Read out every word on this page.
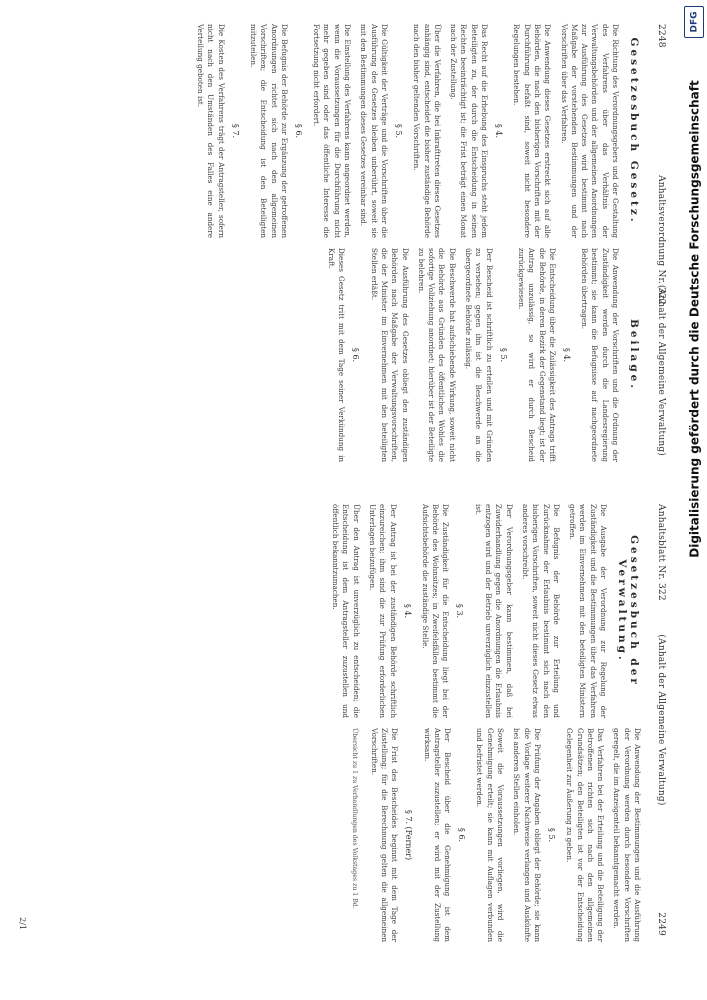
2248
Anhaltsverordnung Nr. 322
(Anhalt der Allgemeine Verwaltung)
Gesetzesbuch Gesetz.
Die Richtung des Verordnungsgebers und der Gestaltung des Verfahrens über das Verhältnis der Verwaltungsbehörden und der allgemeinen Anordnungen zur Ausführung des Gesetzes wird bestimmt nach Maßgabe der vorstehenden Bestimmungen und der Vorschriften über das Verfahren.
Die Anwendung dieses Gesetzes erstreckt sich auf alle Behörden, die nach den bisherigen Vorschriften mit der Durchführung befaßt sind, soweit nicht besondere Regelungen bestehen.
§ 4.
Das Recht auf die Erhebung des Einspruchs steht jedem Beteiligten zu, der durch die Entscheidung in seinen Rechten beeinträchtigt ist; die Frist beträgt einen Monat nach der Zustellung.
Über die Verfahren, die bei Inkrafttreten dieses Gesetzes anhängig sind, entscheidet die bisher zuständige Behörde nach den bisher geltenden Vorschriften.
§ 5.
Die Gültigkeit der Verträge und die Vorschriften über die Ausführung des Gesetzes bleiben unberührt, soweit sie mit den Bestimmungen dieses Gesetzes vereinbar sind.
Die Einstellung des Verfahrens kann angeordnet werden, wenn die Voraussetzungen für die Durchführung nicht mehr gegeben sind oder das öffentliche Interesse die Fortsetzung nicht erfordert.
§ 6.
Die Befugnis der Behörde zur Ergänzung der getroffenen Anordnungen richtet sich nach den allgemeinen Vorschriften; die Entscheidung ist den Beteiligten mitzuteilen.
§ 7.
Die Kosten des Verfahrens trägt der Antragsteller, sofern nicht nach den Umständen des Falles eine andere Verteilung geboten ist.
Beilage.
Die Anwendung der Vorschriften und die Ordnung der Zuständigkeit werden durch die Landesregierung bestimmt; sie kann die Befugnisse auf nachgeordnete Behörden übertragen.
§ 4.
Die Entscheidung über die Zulässigkeit des Antrags trifft die Behörde, in deren Bezirk der Gegenstand liegt; ist der Antrag unzulässig, so wird er durch Bescheid zurückgewiesen.
§ 5.
Der Bescheid ist schriftlich zu erteilen und mit Gründen zu versehen; gegen ihn ist die Beschwerde an die übergeordnete Behörde zulässig.
Die Beschwerde hat aufschiebende Wirkung, soweit nicht die Behörde aus Gründen des öffentlichen Wohles die sofortige Vollziehung anordnet; hierüber ist der Beteiligte zu belehren.
Die Ausführung des Gesetzes obliegt den zuständigen Behörden nach Maßgabe der Verwaltungsvorschriften, die der Minister im Einvernehmen mit den beteiligten Stellen erläßt.
§ 6.
Dieses Gesetz tritt mit dem Tage seiner Verkündung in Kraft.
Anhaltsblatt Nr. 322
(Anhalt der Allgemeine Verwaltung)
2249
Gesetzesbuch der Verwaltung.
Die Ausgabe der Verordnung zur Regelung der Zuständigkeit und die Bestimmungen über das Verfahren werden im Einvernehmen mit den beteiligten Ministern getroffen.
Die Befugnis der Behörde zur Erteilung und Zurücknahme der Erlaubnis bestimmt sich nach den bisherigen Vorschriften, soweit nicht dieses Gesetz etwas anderes vorschreibt.
Der Verordnungsgeber kann bestimmen, daß bei Zuwiderhandlung gegen die Anordnungen die Erlaubnis entzogen wird und der Betrieb unverzüglich einzustellen ist.
§ 3.
Die Zuständigkeit für die Entscheidung liegt bei der Behörde des Wohnsitzes; in Zweifelsfällen bestimmt die Aufsichtsbehörde die zuständige Stelle.
§ 4.
Der Antrag ist bei der zuständigen Behörde schriftlich einzureichen; ihm sind die zur Prüfung erforderlichen Unterlagen beizufügen.
Über den Antrag ist unverzüglich zu entscheiden; die Entscheidung ist dem Antragsteller zuzustellen und öffentlich bekanntzumachen.
Die Anwendung der Bestimmungen und die Ausführung der Verordnung werden durch besondere Vorschriften geregelt, die im Anzeigenteil bekanntgemacht werden.
Das Verfahren bei der Erteilung und die Beteiligung der Betroffenen richten sich nach den allgemeinen Grundsätzen; den Beteiligten ist vor der Entscheidung Gelegenheit zur Äußerung zu geben.
§ 5.
Die Prüfung der Angaben obliegt der Behörde; sie kann die Vorlage weiterer Nachweise verlangen und Auskünfte bei anderen Stellen einholen.
Soweit die Voraussetzungen vorliegen, wird die Genehmigung erteilt; sie kann mit Auflagen verbunden und befristet werden.
§ 6.
Der Bescheid über die Genehmigung ist dem Antragsteller zuzustellen; er wird mit der Zustellung wirksam.
§ 7. (Ferner)
Die Frist des Bescheides beginnt mit dem Tage der Zustellung; für die Berechnung gelten die allgemeinen Vorschriften.
Übersicht zu 1 zu Verhandlungen des Volkstages zu 1 Bd.
2/1
DFG
Digitalisierung gefördert durch die Deutsche Forschungsgemeinschaft
